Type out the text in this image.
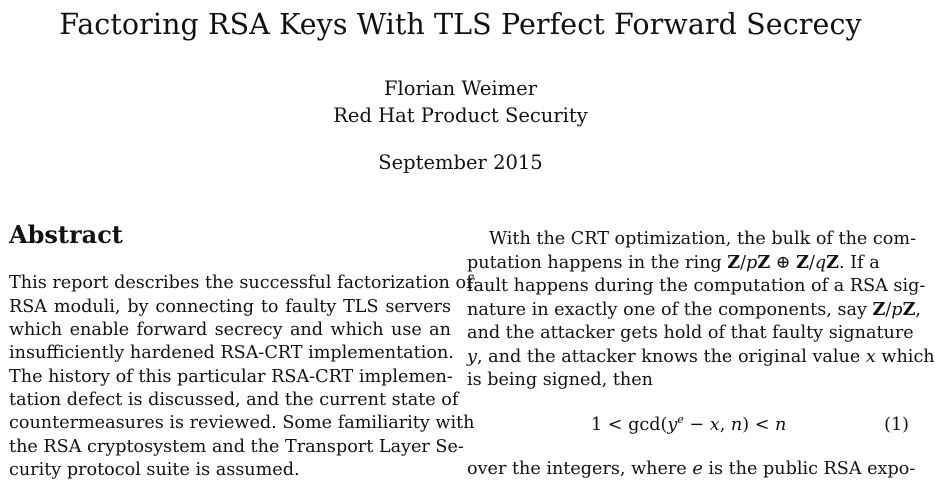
Factoring RSA Keys With TLS Perfect Forward Secrecy
Florian Weimer
Red Hat Product Security
September 2015
Abstract
This report describes the successful factorization of
RSA moduli, by connecting to faulty TLS servers
which enable forward secrecy and which use an
insufficiently hardened RSA-CRT implementation.
The history of this particular RSA-CRT implemen-
tation defect is discussed, and the current state of
countermeasures is reviewed. Some familiarity with
the RSA cryptosystem and the Transport Layer Se-
curity protocol suite is assumed.
With the CRT optimization, the bulk of the com-
putation happens in the ring Z/pZ ⊕ Z/qZ. If a
fault happens during the computation of a RSA sig-
nature in exactly one of the components, say Z/pZ,
and the attacker gets hold of that faulty signature
y, and the attacker knows the original value x which
is being signed, then
$1 < \gcd(y^e - x$, n) < n	(1)
over the integers, where e is the public RSA expo-
